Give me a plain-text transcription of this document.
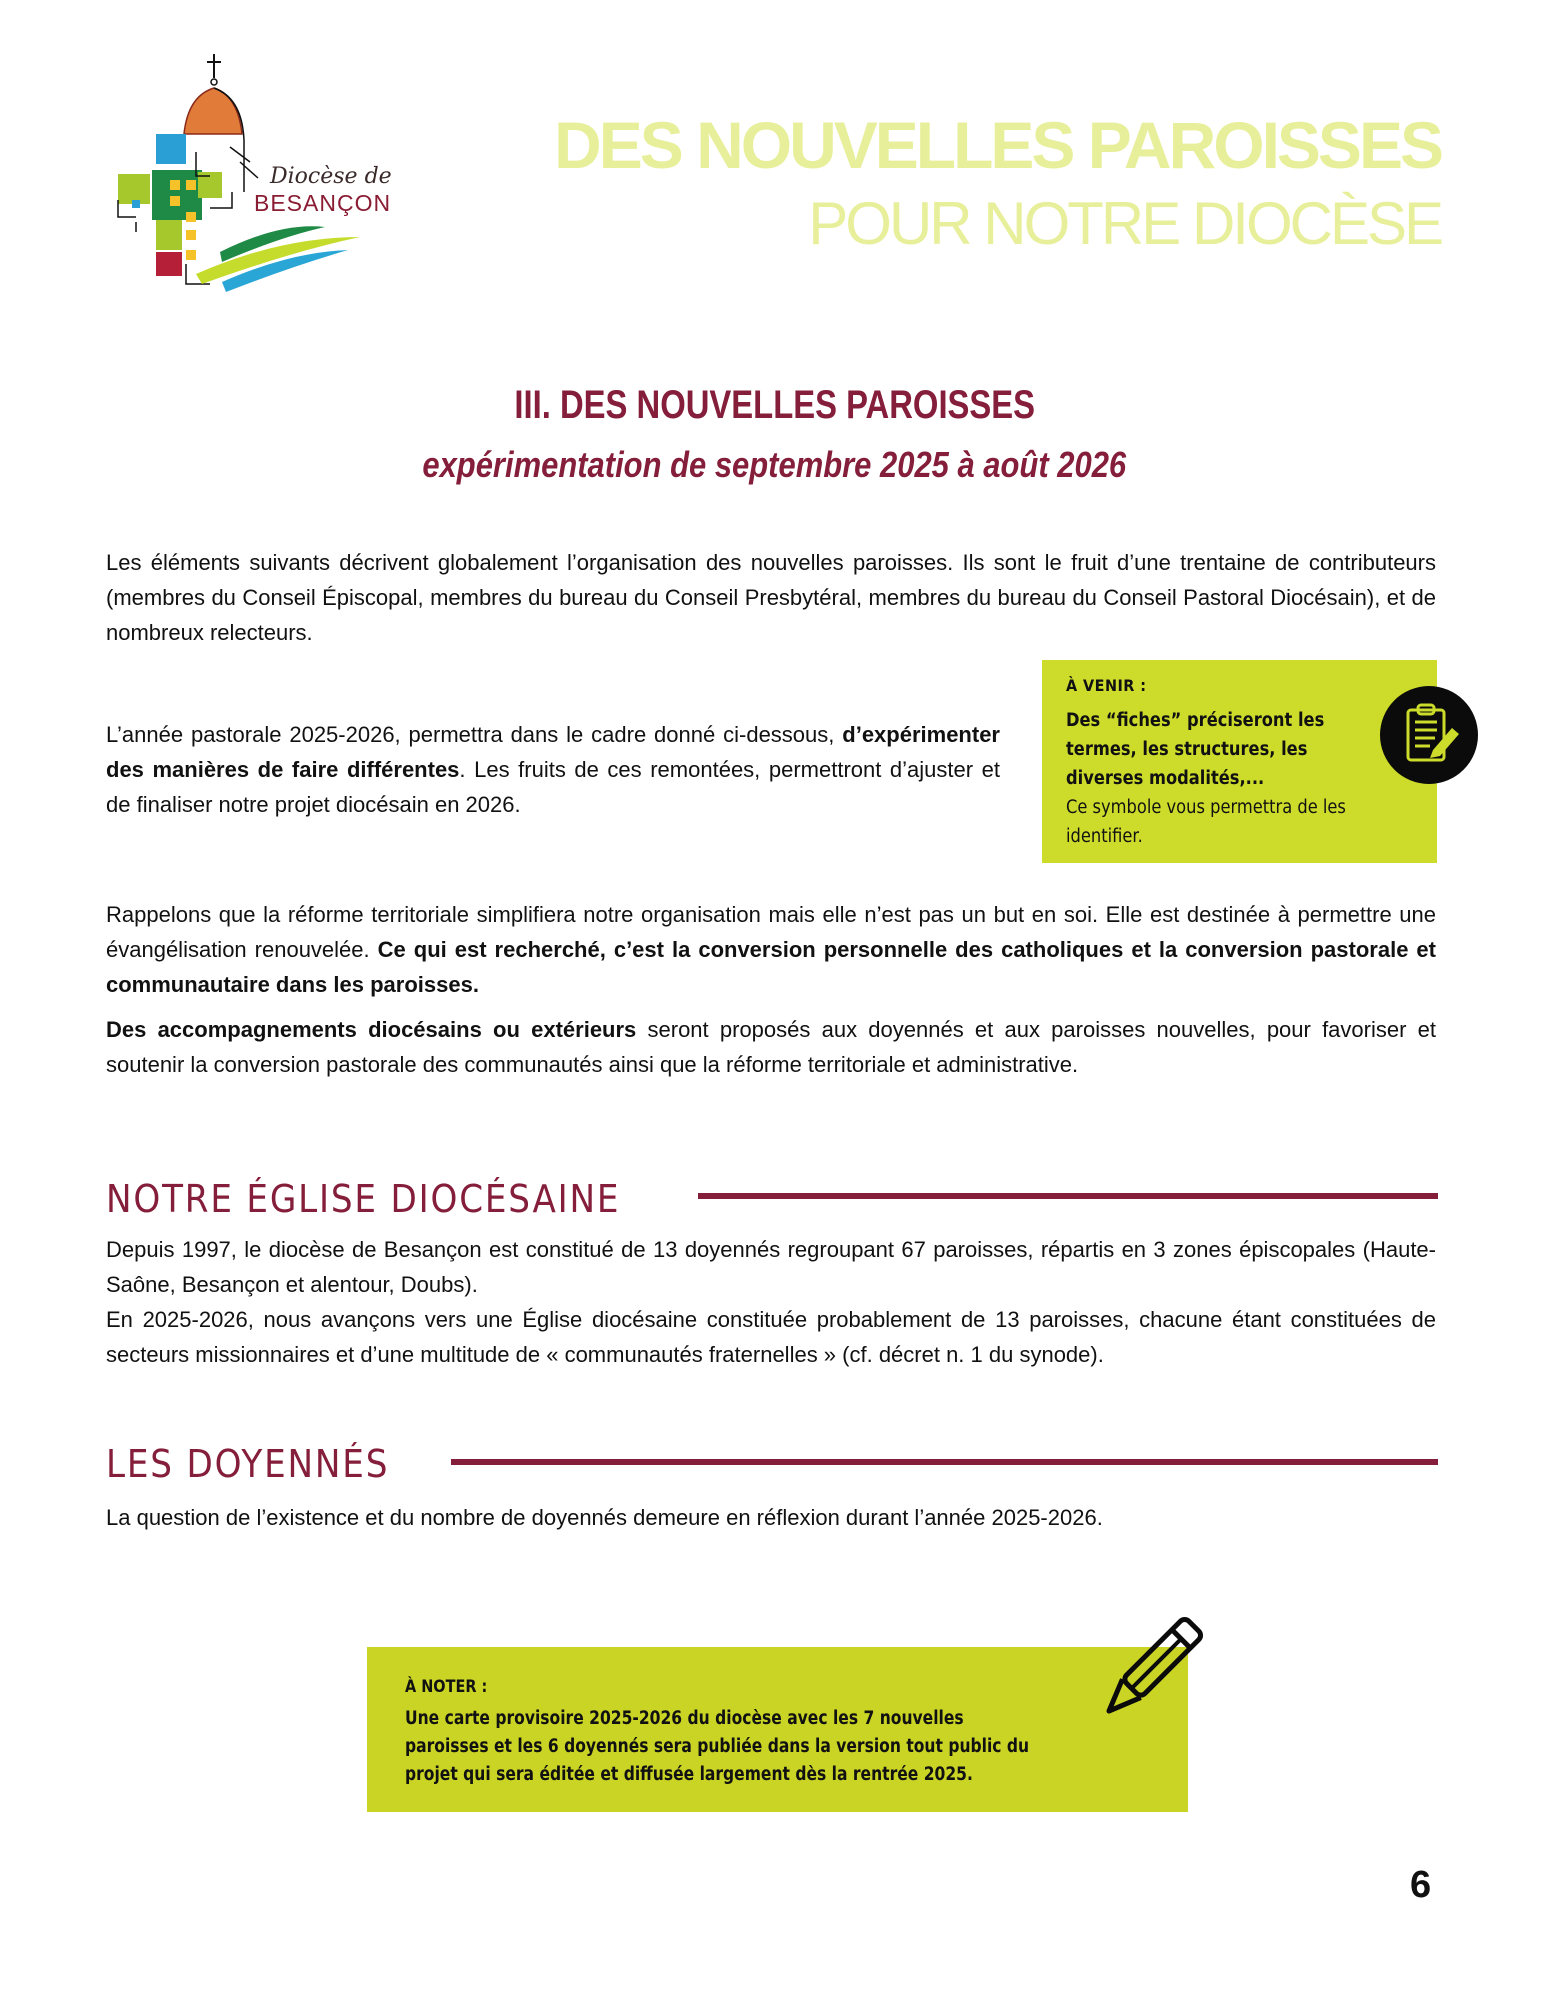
Diocèse de
BESANÇON
DES NOUVELLES PAROISSES
POUR NOTRE DIOCÈSE
III. DES NOUVELLES PAROISSES
expérimentation de septembre 2025 à août 2026

Les éléments suivants décrivent globalement l’organisation des nouvelles paroisses. Ils sont le fruit d’une trentaine de contributeurs (membres du Conseil Épiscopal, membres du bureau du Conseil Presbytéral, membres du bureau du Conseil Pastoral Diocésain), et de nombreux relecteurs.

L’année pastorale 2025-2026, permettra dans le cadre donné ci-dessous, d’expérimenter des manières de faire différentes. Les fruits de ces remontées, permettront d’ajuster et de finaliser notre projet diocésain en 2026.

À VENIR :
Des “fiches” préciseront les termes, les structures, les diverses modalités,...
Ce symbole vous permettra de les identifier.

Rappelons que la réforme territoriale simplifiera notre organisation mais elle n’est pas un but en soi. Elle est destinée à permettre une évangélisation renouvelée. Ce qui est recherché, c’est la conversion personnelle des catholiques et la conversion pastorale et communautaire dans les paroisses.

Des accompagnements diocésains ou extérieurs seront proposés aux doyennés et aux paroisses nouvelles, pour favoriser et soutenir la conversion pastorale des communautés ainsi que la réforme territoriale et administrative.

NOTRE ÉGLISE DIOCÉSAINE
Depuis 1997, le diocèse de Besançon est constitué de 13 doyennés regroupant 67 paroisses, répartis en 3 zones épiscopales (Haute-Saône, Besançon et alentour, Doubs).
En 2025-2026, nous avançons vers une Église diocésaine constituée probablement de 13 paroisses, chacune étant constituées de secteurs missionnaires et d’une multitude de « communautés fraternelles » (cf. décret n. 1 du synode).
LES DOYENNÉS

La question de l’existence et du nombre de doyennés demeure en réflexion durant l’année 2025-2026.

À NOTER :
Une carte provisoire 2025-2026 du diocèse avec les 7 nouvelles paroisses et les 6 doyennés sera publiée dans la version tout public du projet qui sera éditée et diffusée largement dès la rentrée 2025.
6
